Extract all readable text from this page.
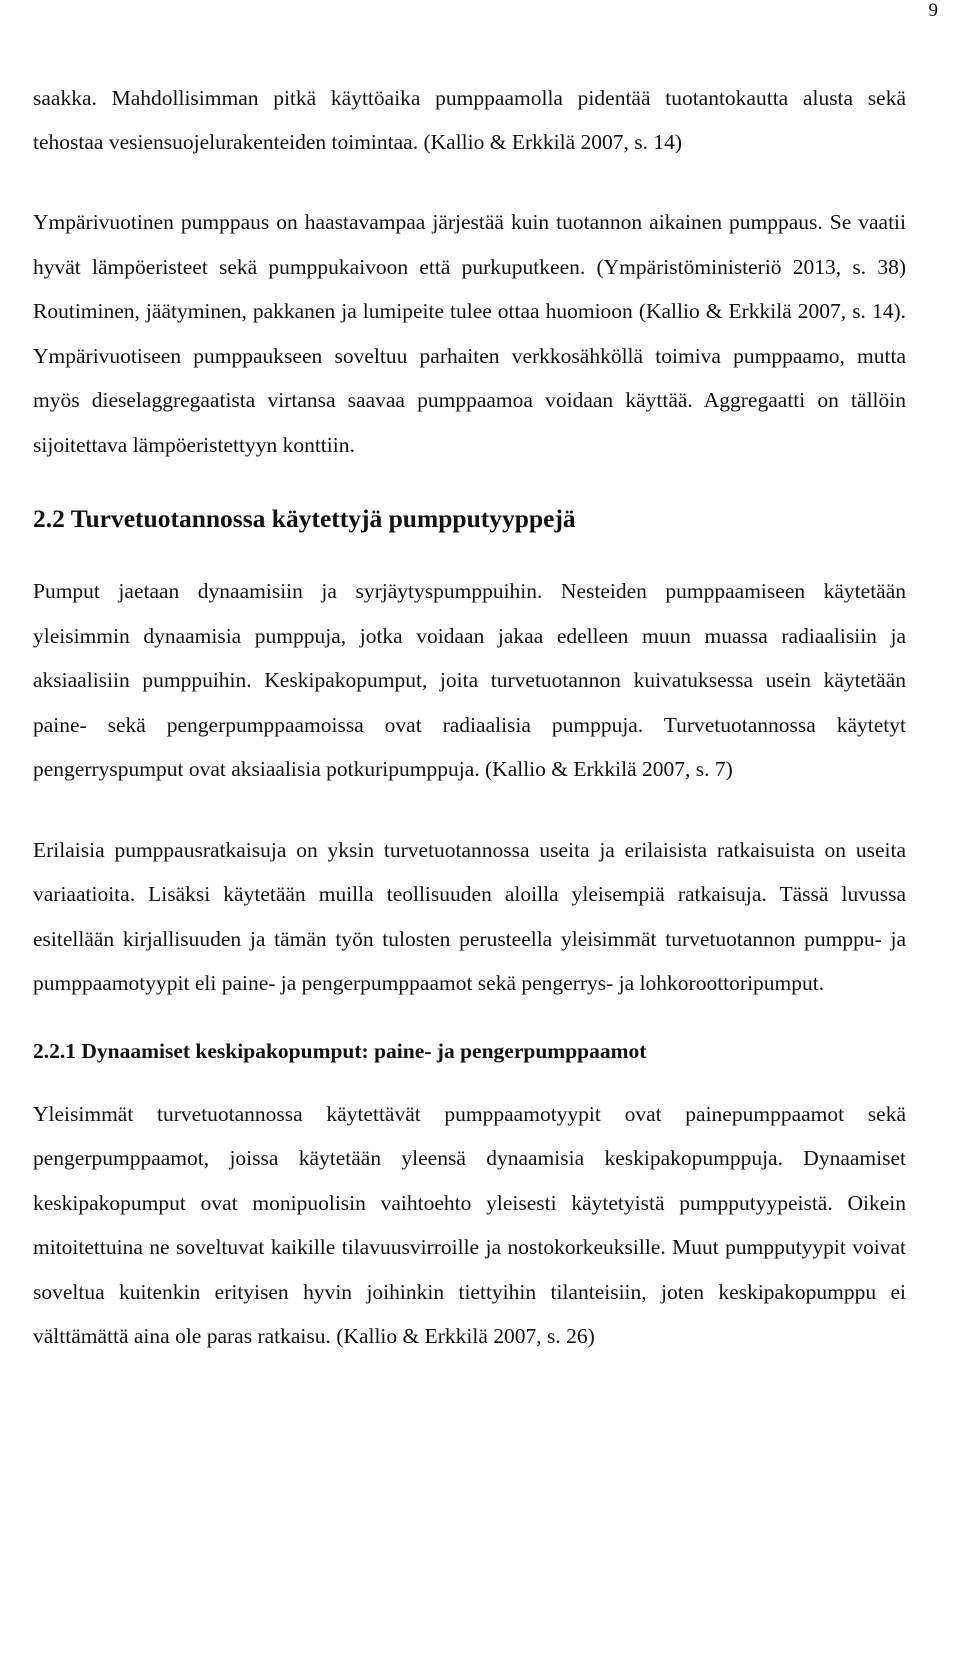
9

saakka. Mahdollisimman pitkä käyttöaika pumppaamolla pidentää tuotantokautta alusta sekä tehostaa vesiensuojelurakenteiden toimintaa. (Kallio & Erkkilä 2007, s. 14)

Ympärivuotinen pumppaus on haastavampaa järjestää kuin tuotannon aikainen pumppaus. Se vaatii hyvät lämpöeristeet sekä pumppukaivoon että purkuputkeen. (Ympäristöministeriö 2013, s. 38) Routiminen, jäätyminen, pakkanen ja lumipeite tulee ottaa huomioon (Kallio & Erkkilä 2007, s. 14). Ympärivuotiseen pumppaukseen soveltuu parhaiten verkkosähköllä toimiva pumppaamo, mutta myös dieselaggregaatista virtansa saavaa pumppaamoa voidaan käyttää. Aggregaatti on tällöin sijoitettava lämpöeristettyyn konttiin.

2.2 Turvetuotannossa käytettyjä pumpputyyppejä

Pumput jaetaan dynaamisiin ja syrjäytyspumppuihin. Nesteiden pumppaamiseen käytetään yleisimmin dynaamisia pumppuja, jotka voidaan jakaa edelleen muun muassa radiaalisiin ja aksiaalisiin pumppuihin. Keskipakopumput, joita turvetuotannon kuivatuksessa usein käytetään paine- sekä pengerpumppaamoissa ovat radiaalisia pumppuja. Turvetuotannossa käytetyt pengerryspumput ovat aksiaalisia potkuripumppuja. (Kallio & Erkkilä 2007, s. 7)

Erilaisia pumppausratkaisuja on yksin turvetuotannossa useita ja erilaisista ratkaisuista on useita variaatioita. Lisäksi käytetään muilla teollisuuden aloilla yleisempiä ratkaisuja. Tässä luvussa esitellään kirjallisuuden ja tämän työn tulosten perusteella yleisimmät turvetuotannon pumppu- ja pumppaamotyypit eli paine- ja pengerpumppaamot sekä pengerrys- ja lohkoroottoripumput.

2.2.1 Dynaamiset keskipakopumput: paine- ja pengerpumppaamot

Yleisimmät turvetuotannossa käytettävät pumppaamotyypit ovat painepumppaamot sekä pengerpumppaamot, joissa käytetään yleensä dynaamisia keskipakopumppuja. Dynaamiset keskipakopumput ovat monipuolisin vaihtoehto yleisesti käytetyistä pumpputyypeistä. Oikein mitoitettuina ne soveltuvat kaikille tilavuusvirroille ja nostokorkeuksille. Muut pumpputyypit voivat soveltua kuitenkin erityisen hyvin joihinkin tiettyihin tilanteisiin, joten keskipakopumppu ei välttämättä aina ole paras ratkaisu. (Kallio & Erkkilä 2007, s. 26)
